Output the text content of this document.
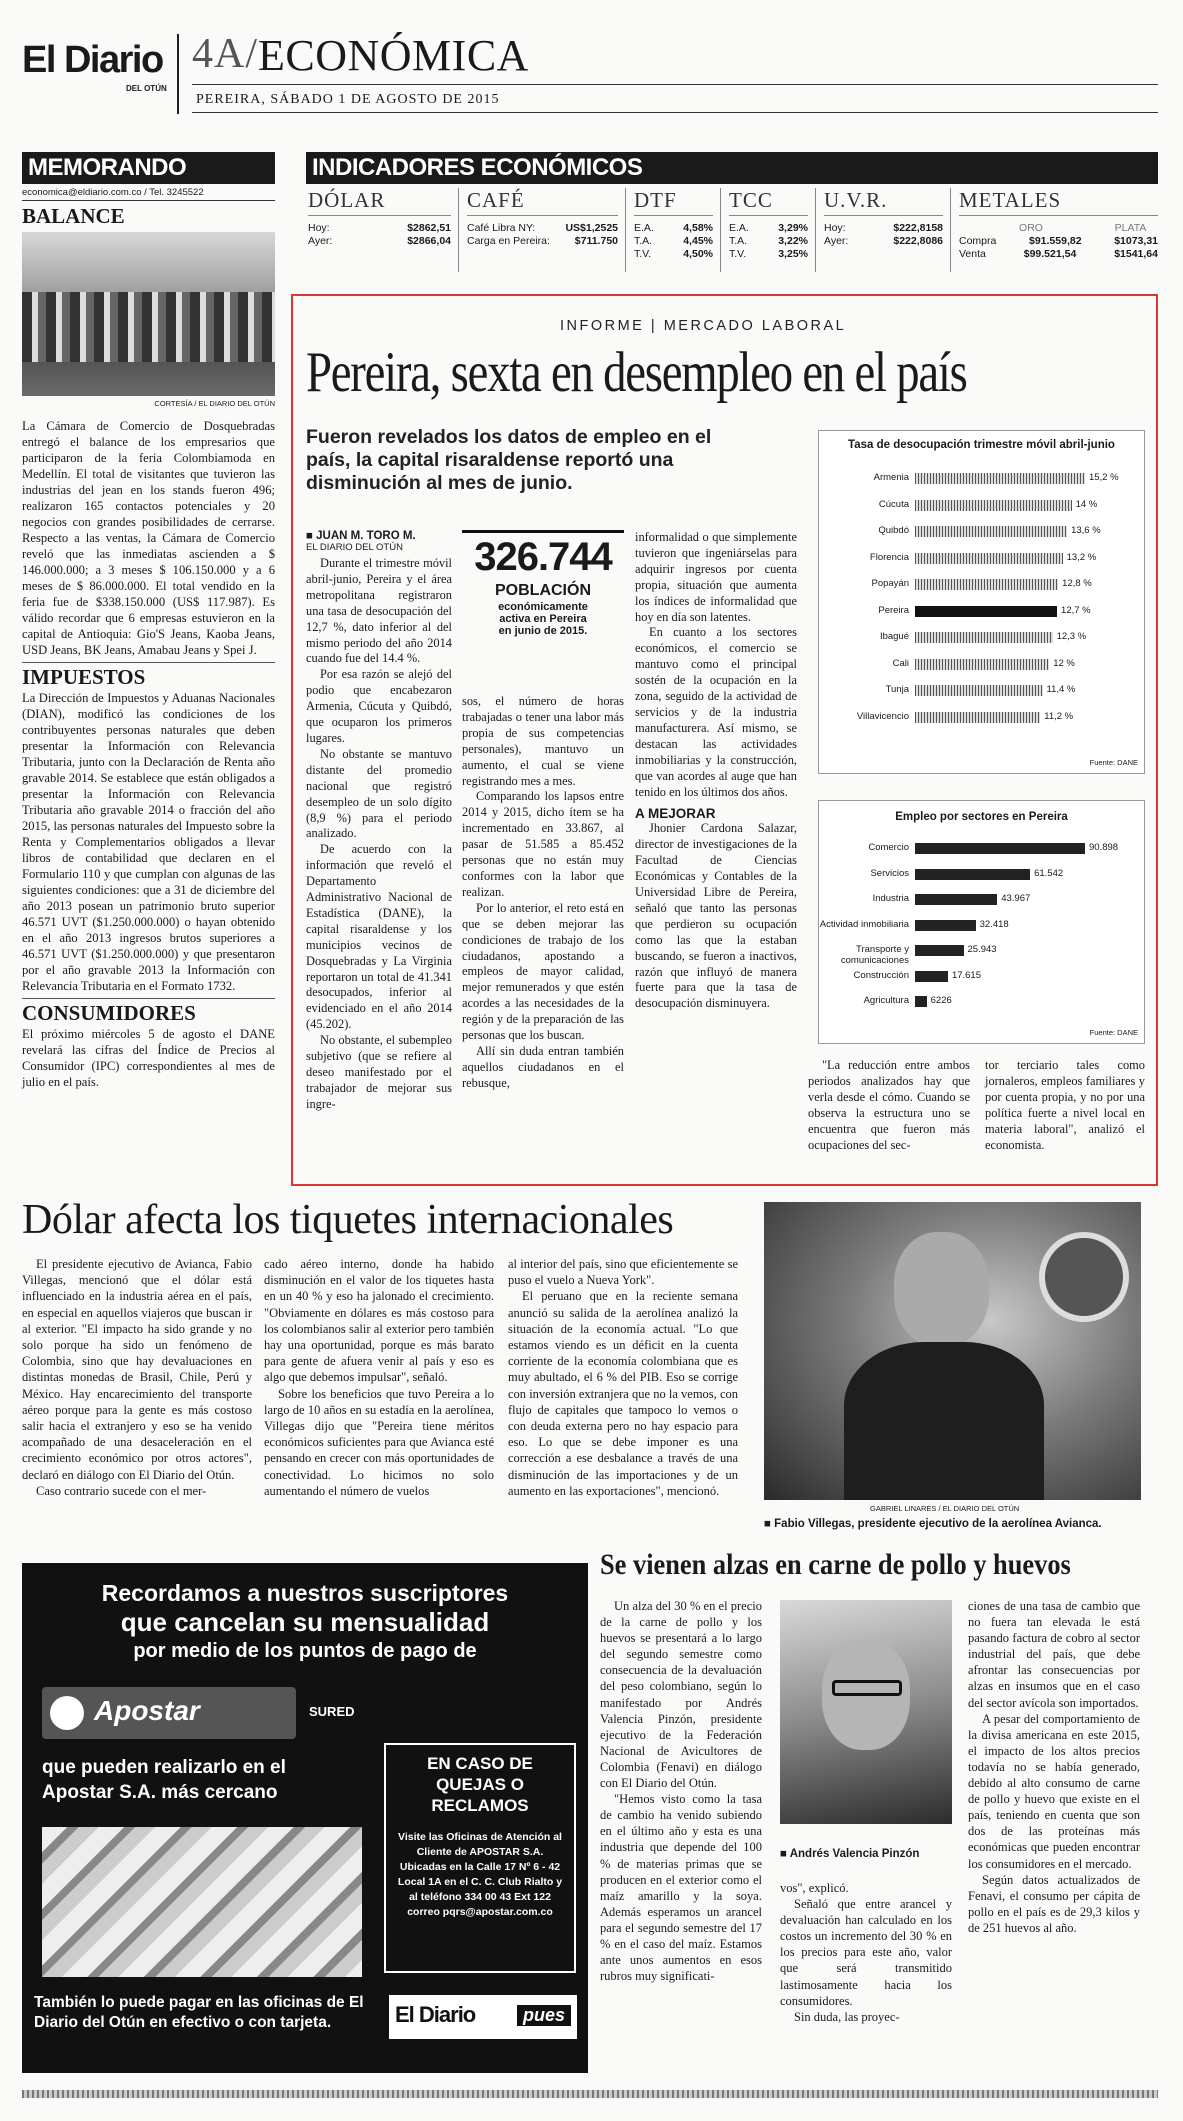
El Diario
DEL OTÚN
4A/ ECONÓMICA
PEREIRA, SÁBADO 1 DE AGOSTO DE 2015
MEMORANDO
economica@eldiario.com.co / Tel. 3245522
BALANCE
CORTESÍA / EL DIARIO DEL OTÚN
La Cámara de Comercio de Dosquebradas entregó el balance de los empresarios que participaron de la feria Colombiamoda en Medellín. El total de visitantes que tuvieron las industrias del jean en los stands fueron 496; realizaron 165 contactos potenciales y 20 negocios con grandes posibilidades de cerrarse. Respecto a las ventas, la Cámara de Comercio reveló que las inmediatas ascienden a $ 146.000.000; a 3 meses $ 106.150.000 y a 6 meses de $ 86.000.000. El total vendido en la feria fue de $338.150.000 (US$ 117.987). Es válido recordar que 6 empresas estuvieron en la capital de Antioquia: Gio'S Jeans, Kaoba Jeans, USD Jeans, BK Jeans, Amabau Jeans y Spei J.
IMPUESTOS
La Dirección de Impuestos y Aduanas Nacionales (DIAN), modificó las condiciones de los contribuyentes personas naturales que deben presentar la Información con Relevancia Tributaria, junto con la Declaración de Renta año gravable 2014. Se establece que están obligados a presentar la Información con Relevancia Tributaria año gravable 2014 o fracción del año 2015, las personas naturales del Impuesto sobre la Renta y Complementarios obligados a llevar libros de contabilidad que declaren en el Formulario 110 y que cumplan con algunas de las siguientes condiciones: que a 31 de diciembre del año 2013 posean un patrimonio bruto superior 46.571 UVT ($1.250.000.000) o hayan obtenido en el año 2013 ingresos brutos superiores a 46.571 UVT ($1.250.000.000) y que presentaron por el año gravable 2013 la Información con Relevancia Tributaria en el Formato 1732.
CONSUMIDORES
El próximo miércoles 5 de agosto el DANE revelará las cifras del Índice de Precios al Consumidor (IPC) correspondientes al mes de julio en el país.
INDICADORES ECONÓMICOS
DÓLAR
Hoy:	$2862,51
Ayer:	$2866,04
CAFÉ
Café Libra NY:	US$1,2525
Carga en Pereira: $711.750
DTF
E.A.	4,58%
T.A.	4,45%
T.V.	4,50%
TCC
E.A.	3,29%
T.A.	3,22%
T.V.	3,25%
U.V.R.
Hoy:	$222,8158
Ayer:	$222,8086
METALES
ORO	PLATA
Compra	$91.559,82	$1073,31
Venta	$99.521,54	$1541,64
INFORME | MERCADO LABORAL
Pereira, sexta en desempleo en el país
Fueron revelados los datos de empleo en el país, la capital risaraldense reportó una disminución al mes de junio.
■ JUAN M. TORO M.
EL DIARIO DEL OTÚN

Durante el trimestre móvil abril-junio, Pereira y el área metropolitana registraron una tasa de desocupación del 12,7 %, dato inferior al del mismo periodo del año 2014 cuando fue del 14.4 %.

Por esa razón se alejó del podio que encabezaron Armenia, Cúcuta y Quibdó, que ocuparon los primeros lugares.

No obstante se mantuvo distante del promedio nacional que registró desempleo de un solo dígito (8,9 %) para el periodo analizado.

De acuerdo con la información que reveló el Departamento Administrativo Nacional de Estadística (DANE), la capital risaraldense y los municipios vecinos de Dosquebradas y La Virginia reportaron un total de 41.341 desocupados, inferior al evidenciado en el año 2014 (45.202).

No obstante, el subempleo subjetivo (que se refiere al deseo manifestado por el trabajador de mejorar sus ingre-

326.744
POBLACIÓN
económicamente activa en Pereira en junio de 2015.

sos, el número de horas trabajadas o tener una labor más propia de sus competencias personales), mantuvo un aumento, el cual se viene registrando mes a mes.

Comparando los lapsos entre 2014 y 2015, dicho ítem se ha incrementado en 33.867, al pasar de 51.585 a 85.452 personas que no están muy conformes con la labor que realizan.

Por lo anterior, el reto está en que se deben mejorar las condiciones de trabajo de los ciudadanos, apostando a empleos de mayor calidad, mejor remunerados y que estén acordes a las necesidades de la región y de la preparación de las personas que los buscan.

Allí sin duda entran también aquellos ciudadanos en el rebusque,

informalidad o que simplemente tuvieron que ingeniárselas para adquirir ingresos por cuenta propia, situación que aumenta los índices de informalidad que hoy en día son latentes.

En cuanto a los sectores económicos, el comercio se mantuvo como el principal sostén de la ocupación en la zona, seguido de la actividad de servicios y de la industria manufacturera. Así mismo, se destacan las actividades inmobiliarias y la construcción, que van acordes al auge que han tenido en los últimos dos años.

A MEJORAR

Jhonier Cardona Salazar, director de investigaciones de la Facultad de Ciencias Económicas y Contables de la Universidad Libre de Pereira, señaló que tanto las personas que perdieron su ocupación como las que la estaban buscando, se fueron a inactivos, razón que influyó de manera fuerte para que la tasa de desocupación disminuyera.

"La reducción entre ambos periodos analizados hay que verla desde el cómo. Cuando se observa la estructura uno se encuentra que fueron más ocupaciones del sec-

tor terciario tales como jornaleros, empleos familiares y por cuenta propia, y no por una política fuerte a nivel local en materia laboral", analizó el economista.

Tasa de desocupación trimestre móvil abril-junio
Armenia	15,2 %
Cúcuta	14 %
Quibdó	13,6 %
Florencia	13,2 %
Popayán	12,8 %
Pereira	12,7 %
Ibagué	12,3 %
Cali	12 %
Tunja	11,4 %
Villavicencio	11,2 %
Fuente: DANE
Empleo por sectores en Pereira
Comercio	90.898
Servicios	61.542
Industria	43.967
Actividad inmobiliaria	32.418
Transporte y comunicaciones
25.943
Construcción	17.615
Agricultura 6226
Fuente: DANE
Dólar afecta los tiquetes internacionales

El presidente ejecutivo de Avianca, Fabio Villegas, mencionó que el dólar está influenciado en la industria aérea en el país, en especial en aquellos viajeros que buscan ir al exterior. "El impacto ha sido grande y no solo porque ha sido un fenómeno de Colombia, sino que hay devaluaciones en distintas monedas de Brasil, Chile, Perú y México. Hay encarecimiento del transporte aéreo porque para la gente es más costoso salir hacia el extranjero y eso se ha venido acompañado de una desaceleración en el crecimiento económico por otros actores", declaró en diálogo con El Diario del Otún.

Caso contrario sucede con el mer-

cado aéreo interno, donde ha habido disminución en el valor de los tiquetes hasta en un 40 % y eso ha jalonado el crecimiento. "Obviamente en dólares es más costoso para los colombianos salir al exterior pero también hay una oportunidad, porque es más barato para gente de afuera venir al país y eso es algo que debemos impulsar", señaló.

Sobre los beneficios que tuvo Pereira a lo largo de 10 años en su estadía en la aerolínea, Villegas dijo que "Pereira tiene méritos económicos suficientes para que Avianca esté pensando en crecer con más oportunidades de conectividad. Lo hicimos no solo aumentando el número de vuelos

al interior del país, sino que eficientemente se puso el vuelo a Nueva York".

El peruano que en la reciente semana anunció su salida de la aerolínea analizó la situación de la economía actual. "Lo que estamos viendo es un déficit en la cuenta corriente de la economía colombiana que es muy abultado, el 6 % del PIB. Eso se corrige con inversión extranjera que no la vemos, con flujo de capitales que tampoco lo vemos o con deuda externa pero no hay espacio para eso. Lo que se debe imponer es una corrección a ese desbalance a través de una disminución de las importaciones y de un aumento en las exportaciones", mencionó.

GABRIEL LINARES / EL DIARIO DEL OTÚN
■ Fabio Villegas, presidente ejecutivo de la aerolínea Avianca.
Recordamos a nuestros suscriptores
que cancelan su mensualidad
por medio de los puntos de pago de
Apostar	SURED
que pueden realizarlo en el
Apostar S.A. más cercano
EN CASO DE QUEJAS O RECLAMOS
Visite las Oficinas de Atención al Cliente de APOSTAR S.A. Ubicadas en la Calle 17 Nº 6 - 42 Local 1A en el C. C. Club Rialto y al teléfono 334 00 43 Ext 122 correo pqrs@apostar.com.co
También lo puede pagar en las oficinas de El Diario del Otún en efectivo o con tarjeta.	El Diario	pues
Se vienen alzas en carne de pollo y huevos

Un alza del 30 % en el precio de la carne de pollo y los huevos se presentará a lo largo del segundo semestre como consecuencia de la devaluación del peso colombiano, según lo manifestado por Andrés Valencia Pinzón, presidente ejecutivo de la Federación Nacional de Avicultores de Colombia (Fenavi) en diálogo con El Diario del Otún.

"Hemos visto como la tasa de cambio ha venido subiendo en el último año y esta es una industria que depende del 100 % de materias primas que se producen en el exterior como el maíz amarillo y la soya. Además esperamos un arancel para el segundo semestre del 17 % en el caso del maíz. Estamos ante unos aumentos en esos rubros muy significati-

■ Andrés Valencia Pinzón

vos", explicó.

Señaló que entre arancel y devaluación han calculado en los costos un incremento del 30 % en los precios para este año, valor que será transmitido lastimosamente hacia los consumidores.

Sin duda, las proyec-

ciones de una tasa de cambio que no fuera tan elevada le está pasando factura de cobro al sector industrial del país, que debe afrontar las consecuencias por alzas en insumos que en el caso del sector avícola son importados.

A pesar del comportamiento de la divisa americana en este 2015, el impacto de los altos precios todavía no se había generado, debido al alto consumo de carne de pollo y huevo que existe en el país, teniendo en cuenta que son dos de las proteínas más económicas que pueden encontrar los consumidores en el mercado.

Según datos actualizados de Fenavi, el consumo per cápita de pollo en el país es de 29,3 kilos y de 251 huevos al año.
